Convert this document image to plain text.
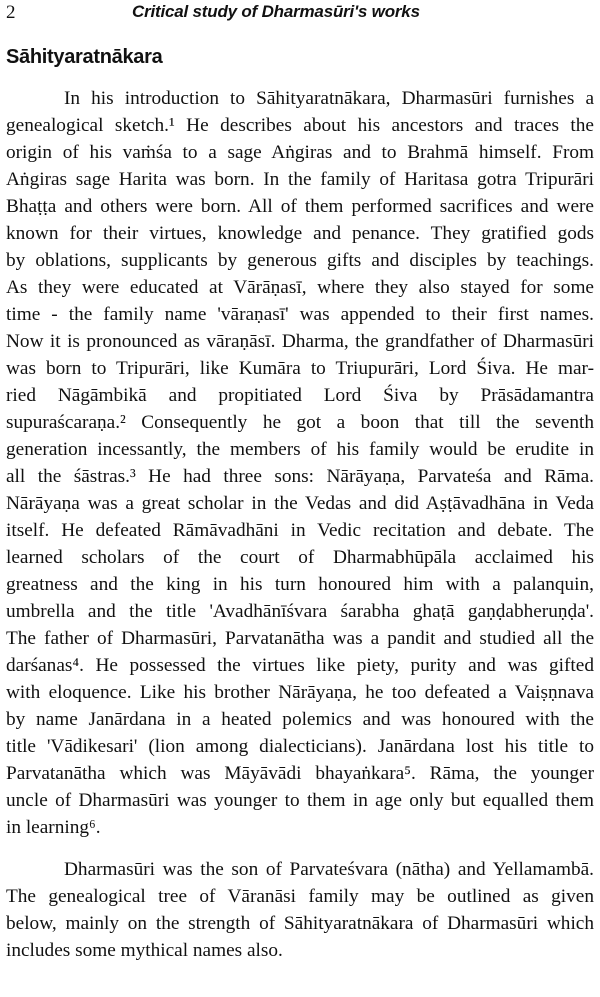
2	Critical study of Dharmasūri's works
Sāhityaratnākara
In his introduction to Sāhityaratnākara, Dharmasūri furnishes a
genealogical sketch.¹ He describes about his ancestors and traces the
origin of his vaṁśa to a sage Aṅgiras and to Brahmā himself. From
Aṅgiras sage Harita was born. In the family of Haritasa gotra Tripurāri
Bhaṭṭa and others were born. All of them performed sacrifices and were
known for their virtues, knowledge and penance. They gratified gods
by oblations, supplicants by generous gifts and disciples by teachings.
As they were educated at Vārāṇasī, where they also stayed for some
time - the family name 'vāraṇasī' was appended to their first names.
Now it is pronounced as vāraṇāsī. Dharma, the grandfather of Dharmasūri
was born to Tripurāri, like Kumāra to Triupurāri, Lord Śiva. He mar-
ried Nāgāmbikā and propitiated Lord Śiva by Prāsādamantra
supuraścaraṇa.² Consequently he got a boon that till the seventh
generation incessantly, the members of his family would be erudite in
all the śāstras.³ He had three sons: Nārāyaṇa, Parvateśa and Rāma.
Nārāyaṇa was a great scholar in the Vedas and did Aṣṭāvadhāna in Veda
itself. He defeated Rāmāvadhāni in Vedic recitation and debate. The
learned scholars of the court of Dharmabhūpāla acclaimed his
greatness and the king in his turn honoured him with a palanquin,
umbrella and the title 'Avadhānīśvara śarabha ghaṭā gaṇḍabheruṇḍa'.
The father of Dharmasūri, Parvatanātha was a pandit and studied all the
darśanas⁴. He possessed the virtues like piety, purity and was gifted
with eloquence. Like his brother Nārāyaṇa, he too defeated a Vaiṣṇnava
by name Janārdana in a heated polemics and was honoured with the
title 'Vādikesari' (lion among dialecticians). Janārdana lost his title to
Parvatanātha which was Māyāvādi bhayaṅkara⁵. Rāma, the younger
uncle of Dharmasūri was younger to them in age only but equalled them
in learning⁶.
Dharmasūri was the son of Parvateśvara (nātha) and Yellamambā.
The genealogical tree of Vāranāsi family may be outlined as given
below, mainly on the strength of Sāhityaratnākara of Dharmasūri which
includes some mythical names also.
